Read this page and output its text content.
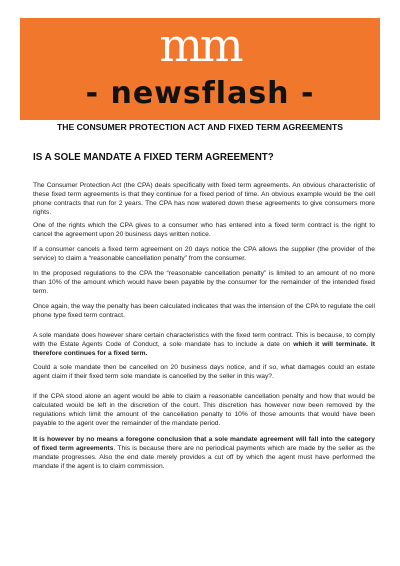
mm
- newsflash -
THE CONSUMER PROTECTION ACT AND FIXED TERM AGREEMENTS
IS A SOLE MANDATE A FIXED TERM AGREEMENT?

The Consumer Protection Act (the CPA) deals specifically with fixed term agreements. An obvious characteristic of these fixed term agreements is that they continue for a fixed period of time. An obvious example would be the cell phone contracts that run for 2 years. The CPA has now watered down these agreements to give consumers more rights.

One of the rights which the CPA gives to a consumer who has entered into a fixed term contract is the right to cancel the agreement upon 20 business days written notice.

If a consumer cancels a fixed term agreement on 20 days notice the CPA allows the supplier (the provider of the service) to claim a “reasonable cancellation penalty” from the consumer.

In the proposed regulations to the CPA the “reasonable cancellation penalty” is limited to an amount of no more than 10% of the amount which would have been payable by the consumer for the remainder of the intended fixed term.

Once again, the way the penalty has been calculated indicates that was the intension of the CPA to regulate the cell phone type fixed term contract.

A sole mandate does however share certain characteristics with the fixed term contract. This is because, to comply with the Estate Agents Code of Conduct, a sole mandate has to include a date on which it will terminate. It therefore continues for a fixed term.

Could a sole mandate then be cancelled on 20 business days notice, and if so, what damages could an estate agent claim if their fixed term sole mandate is cancelled by the seller in this way?.

If the CPA stood alone an agent would be able to claim a reasonable cancellation penalty and how that would be calculated would be left in the discretion of the court. This discretion has however now been removed by the regulations which limit the amount of the cancellation penalty to 10% of those amounts that would have been payable to the agent over the remainder of the mandate period.

It is however by no means a foregone conclusion that a sole mandate agreement will fall into the category of fixed term agreements. This is because there are no periodical payments which are made by the seller as the mandate progresses. Also the end date merely provides a cut off by which the agent must have performed the mandate if the agent is to claim commission.
